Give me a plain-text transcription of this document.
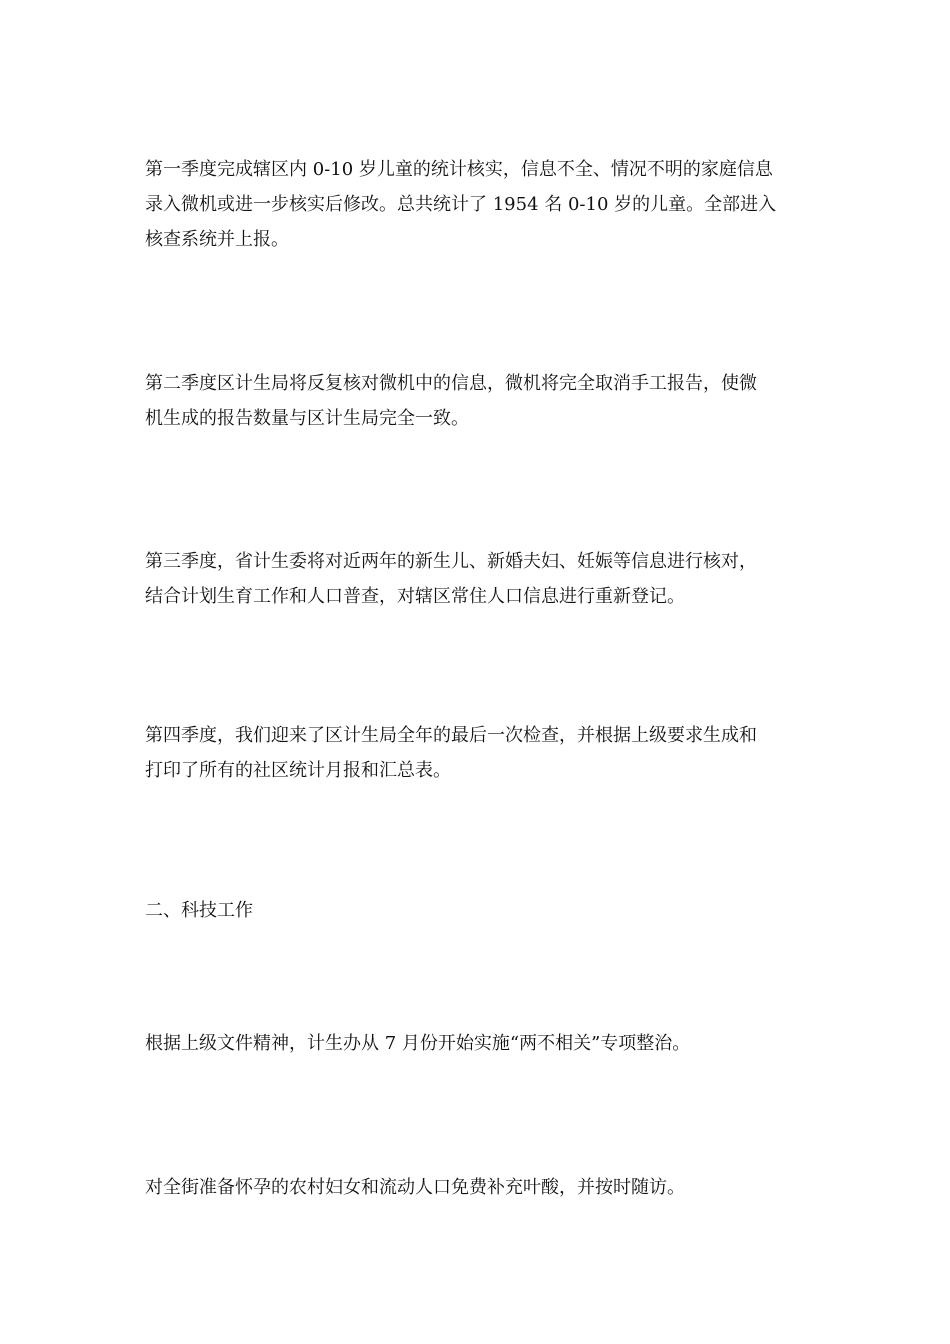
第一季度完成辖区内 0-10 岁儿童的统计核实，信息不全、情况不明的家庭信息
录入微机或进一步核实后修改。总共统计了 1954 名 0-10 岁的儿童。全部进入
核查系统并上报。

第二季度区计生局将反复核对微机中的信息，微机将完全取消手工报告，使微
机生成的报告数量与区计生局完全一致。

第三季度，省计生委将对近两年的新生儿、新婚夫妇、妊娠等信息进行核对，
结合计划生育工作和人口普查，对辖区常住人口信息进行重新登记。

第四季度，我们迎来了区计生局全年的最后一次检查，并根据上级要求生成和
打印了所有的社区统计月报和汇总表。

二、科技工作

根据上级文件精神，计生办从 7 月份开始实施“两不相关”专项整治。

对全街准备怀孕的农村妇女和流动人口免费补充叶酸，并按时随访。
